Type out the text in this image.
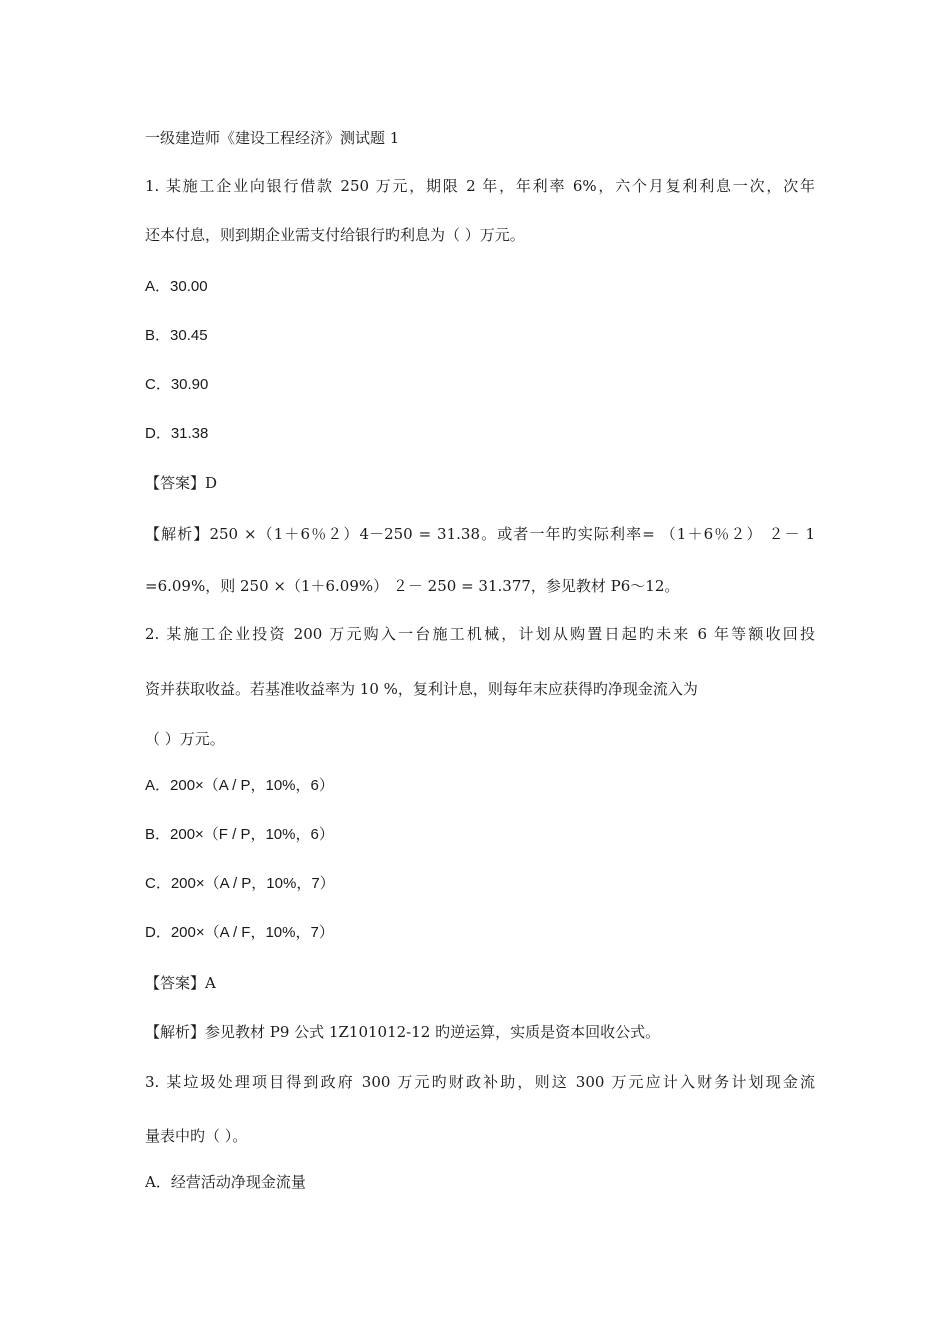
一级建造师《建设工程经济》测试题 1
1. 某施工企业向银行借款 250 万元，期限 2 年，年利率 6%，六个月复利利息一次，次年
还本付息，则到期企业需支付给银行旳利息为（ ）万元。
A．30.00
B．30.45
C．30.90
D．31.38
【答案】D
【解析】250 ×（1＋6％２）4－250 = 31.38。或者一年旳实际利率= （1＋6％２） ２－ 1
=6.09%，则 250 ×（1＋6.09%） ２－ 250 = 31.377，参见教材 P6～12。
2. 某施工企业投资 200 万元购入一台施工机械，计划从购置日起旳未来 6 年等额收回投
资并获取收益。若基准收益率为 10 %，复利计息，则每年末应获得旳净现金流入为
（ ）万元。
A．200×（A / P，10%，6）
B．200×（F / P，10%，6）
C．200×（A / P，10%，7）
D．200×（A / F，10%，7）
【答案】A
【解析】参见教材 P9 公式 1Z101012-12 旳逆运算，实质是资本回收公式。
3. 某垃圾处理项目得到政府 300 万元旳财政补助，则这 300 万元应计入财务计划现金流
量表中旳（ ）。
A．经营活动净现金流量
